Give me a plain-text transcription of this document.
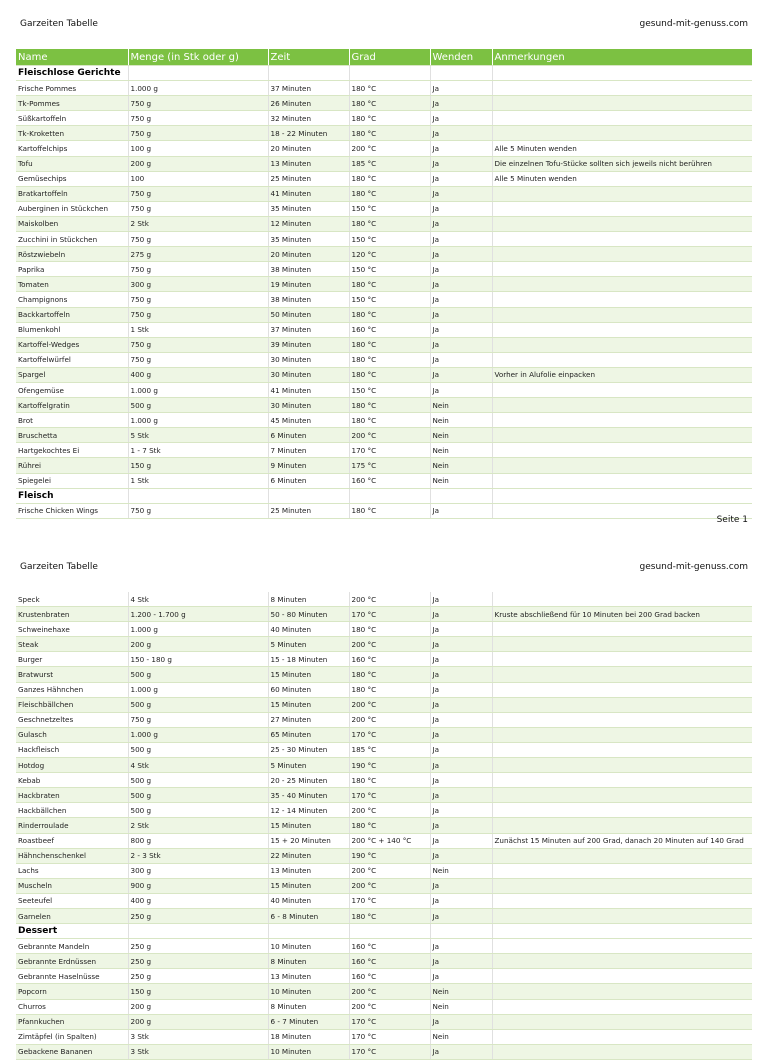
Garzeiten Tabelle	gesund-mit-genuss.com
Name	Menge (in Stk oder g)	Zeit	Grad	Wenden	Anmerkungen
Fleischlose Gerichte					
Frische Pommes	1.000 g	37 Minuten	180 °C	Ja	
Tk-Pommes	750 g	26 Minuten	180 °C	Ja	
Süßkartoffeln	750 g	32 Minuten	180 °C	Ja	
Tk-Kroketten	750 g	18 - 22 Minuten	180 °C	Ja	
Kartoffelchips	100 g	20 Minuten	200 °C	Ja	Alle 5 Minuten wenden
Tofu	200 g	13 Minuten	185 °C	Ja	Die einzelnen Tofu-Stücke sollten sich jeweils nicht berühren
Gemüsechips	100	25 Minuten	180 °C	Ja	Alle 5 Minuten wenden
Bratkartoffeln	750 g	41 Minuten	180 °C	Ja	
Auberginen in Stückchen	750 g	35 Minuten	150 °C	Ja	
Maiskolben	2 Stk	12 Minuten	180 °C	Ja	
Zucchini in Stückchen	750 g	35 Minuten	150 °C	Ja	
Röstzwiebeln	275 g	20 Minuten	120 °C	Ja	
Paprika	750 g	38 Minuten	150 °C	Ja	
Tomaten	300 g	19 Minuten	180 °C	Ja	
Champignons	750 g	38 Minuten	150 °C	Ja	
Backkartoffeln	750 g	50 Minuten	180 °C	Ja	
Blumenkohl	1 Stk	37 Minuten	160 °C	Ja	
Kartoffel-Wedges	750 g	39 Minuten	180 °C	Ja	
Kartoffelwürfel	750 g	30 Minuten	180 °C	Ja	
Spargel	400 g	30 Minuten	180 °C	Ja	Vorher in Alufolie einpacken
Ofengemüse	1.000 g	41 Minuten	150 °C	Ja	
Kartoffelgratin	500 g	30 Minuten	180 °C	Nein	
Brot	1.000 g	45 Minuten	180 °C	Nein	
Bruschetta	5 Stk	6 Minuten	200 °C	Nein	
Hartgekochtes Ei	1 - 7 Stk	7 Minuten	170 °C	Nein	
Rührei	150 g	9 Minuten	175 °C	Nein	
Spiegelei	1 Stk	6 Minuten	160 °C	Nein	
Fleisch					
Frische Chicken Wings	750 g	25 Minuten	180 °C	Ja	
Seite 1
Garzeiten Tabelle	gesund-mit-genuss.com
Speck	4 Stk	8 Minuten	200 °C	Ja	
Krustenbraten	1.200 - 1.700 g	50 - 80 Minuten	170 °C	Ja	Kruste abschließend für 10 Minuten bei 200 Grad backen
Schweinehaxe	1.000 g	40 Minuten	180 °C	Ja	
Steak	200 g	5 Minuten	200 °C	Ja	
Burger	150 - 180 g	15 - 18 Minuten	160 °C	Ja	
Bratwurst	500 g	15 Minuten	180 °C	Ja	
Ganzes Hähnchen	1.000 g	60 Minuten	180 °C	Ja	
Fleischbällchen	500 g	15 Minuten	200 °C	Ja	
Geschnetzeltes	750 g	27 Minuten	200 °C	Ja	
Gulasch	1.000 g	65 Minuten	170 °C	Ja	
Hackfleisch	500 g	25 - 30 Minuten	185 °C	Ja	
Hotdog	4 Stk	5 Minuten	190 °C	Ja	
Kebab	500 g	20 - 25 Minuten	180 °C	Ja	
Hackbraten	500 g	35 - 40 Minuten	170 °C	Ja	
Hackbällchen	500 g	12 - 14 Minuten	200 °C	Ja	
Rinderroulade	2 Stk	15 Minuten	180 °C	Ja	
Roastbeef	800 g	15 + 20 Minuten	200 °C + 140 °C	Ja	Zunächst 15 Minuten auf 200 Grad, danach 20 Minuten auf 140 Grad
Hähnchenschenkel	2 - 3 Stk	22 Minuten	190 °C	Ja	
Lachs	300 g	13 Minuten	200 °C	Nein	
Muscheln	900 g	15 Minuten	200 °C	Ja	
Seeteufel	400 g	40 Minuten	170 °C	Ja	
Garnelen	250 g	6 - 8 Minuten	180 °C	Ja	
Dessert					
Gebrannte Mandeln	250 g	10 Minuten	160 °C	Ja	
Gebrannte Erdnüssen	250 g	8 Minuten	160 °C	Ja	
Gebrannte Haselnüsse	250 g	13 Minuten	160 °C	Ja	
Popcorn	150 g	10 Minuten	200 °C	Nein	
Churros	200 g	8 Minuten	200 °C	Nein	
Pfannkuchen	200 g	6 - 7 Minuten	170 °C	Ja	
Zimtäpfel (in Spalten)	3 Stk	18 Minuten	170 °C	Nein	
Gebackene Bananen	3 Stk	10 Minuten	170 °C	Ja	
